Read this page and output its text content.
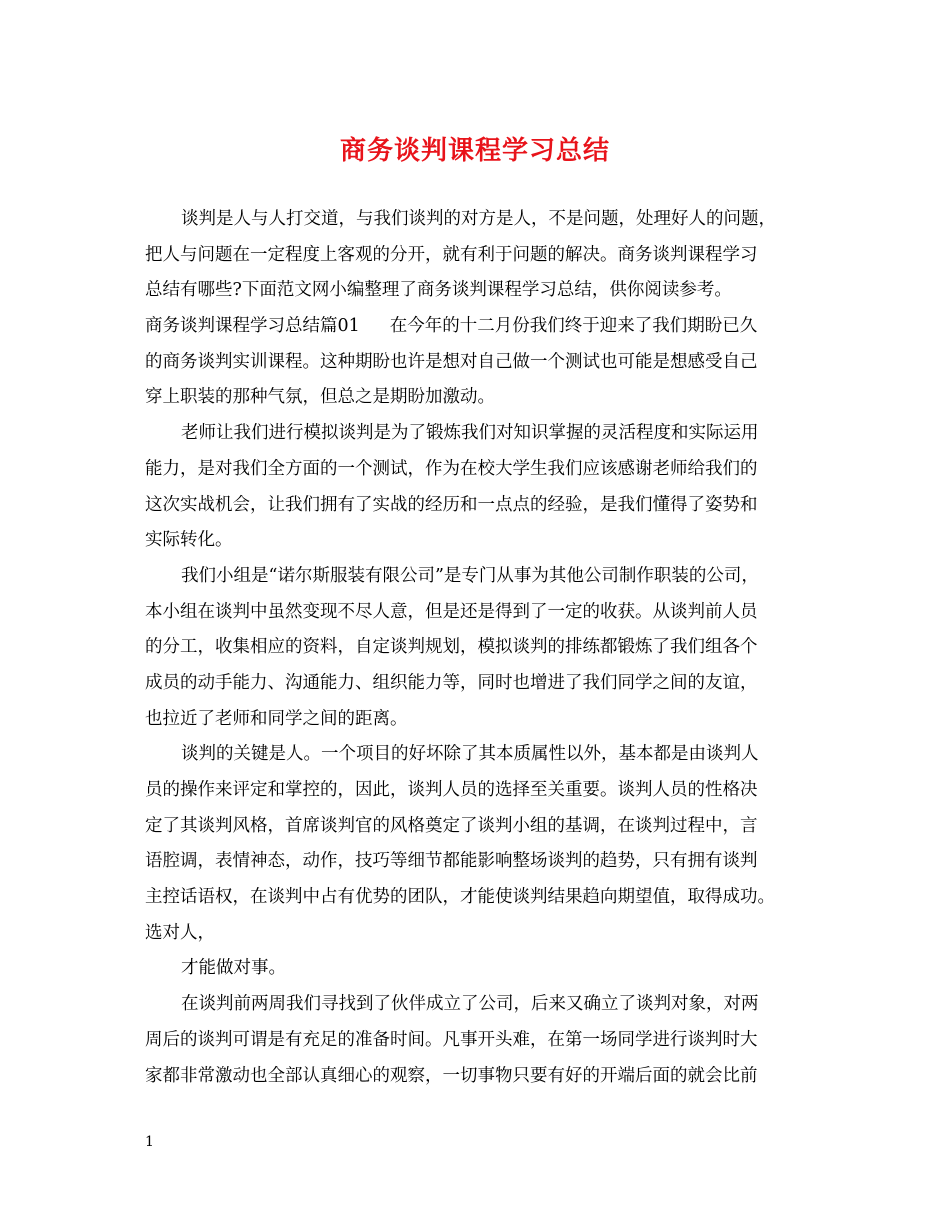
商务谈判课程学习总结
谈判是人与人打交道，与我们谈判的对方是人，不是问题，处理好人的问题，
把人与问题在一定程度上客观的分开，就有利于问题的解决。商务谈判课程学习
总结有哪些?下面范文网小编整理了商务谈判课程学习总结，供你阅读参考。
商务谈判课程学习总结篇01 在今年的十二月份我们终于迎来了我们期盼已久
的商务谈判实训课程。这种期盼也许是想对自己做一个测试也可能是想感受自己
穿上职装的那种气氛，但总之是期盼加激动。
老师让我们进行模拟谈判是为了锻炼我们对知识掌握的灵活程度和实际运用
能力，是对我们全方面的一个测试，作为在校大学生我们应该感谢老师给我们的
这次实战机会，让我们拥有了实战的经历和一点点的经验，是我们懂得了姿势和
实际转化。
我们小组是“诺尔斯服装有限公司”是专门从事为其他公司制作职装的公司，
本小组在谈判中虽然变现不尽人意，但是还是得到了一定的收获。从谈判前人员
的分工，收集相应的资料，自定谈判规划，模拟谈判的排练都锻炼了我们组各个
成员的动手能力、沟通能力、组织能力等，同时也增进了我们同学之间的友谊，
也拉近了老师和同学之间的距离。
谈判的关键是人。一个项目的好坏除了其本质属性以外，基本都是由谈判人
员的操作来评定和掌控的，因此，谈判人员的选择至关重要。谈判人员的性格决
定了其谈判风格，首席谈判官的风格奠定了谈判小组的基调，在谈判过程中，言
语腔调，表情神态，动作，技巧等细节都能影响整场谈判的趋势，只有拥有谈判
主控话语权，在谈判中占有优势的团队，才能使谈判结果趋向期望值，取得成功。
选对人，
才能做对事。
在谈判前两周我们寻找到了伙伴成立了公司，后来又确立了谈判对象，对两
周后的谈判可谓是有充足的准备时间。凡事开头难，在第一场同学进行谈判时大
家都非常激动也全部认真细心的观察，一切事物只要有好的开端后面的就会比前
1
